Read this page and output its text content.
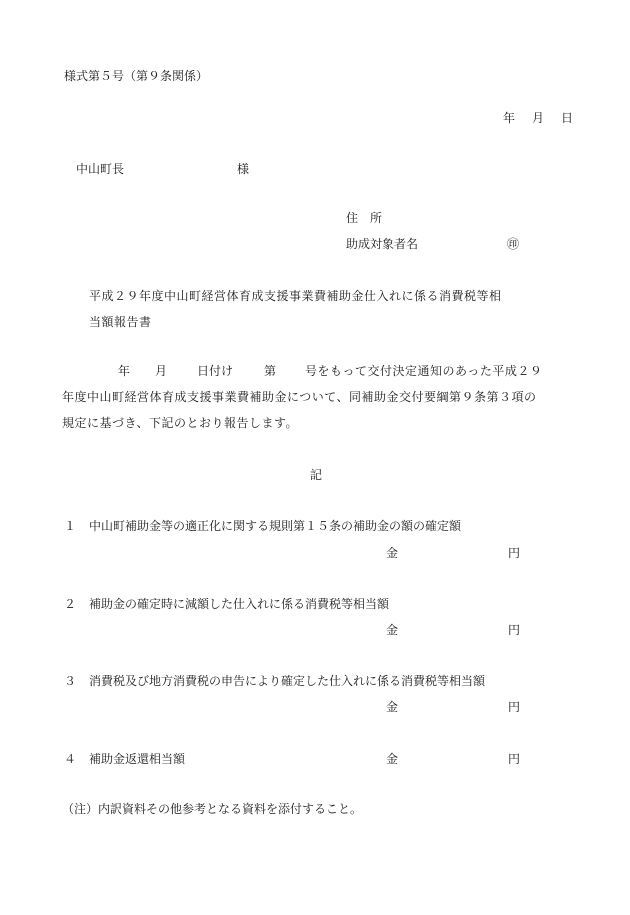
様式第５号（第９条関係）

年 月 日

中山町長	様

住　所

助成対象者名	㊞

平成２９年度中山町経営体育成支援事業費補助金仕入れに係る消費税等相

当額報告書

年 月 日付け	第 号をもって交付決定通知のあった平成２９

年度中山町経営体育成支援事業費補助金について、同補助金交付要綱第９条第３項の

規定に基づき、下記のとおり報告します。

記

１ 中山町補助金等の適正化に関する規則第１５条の補助金の額の確定額

金	円

２ 補助金の確定時に減額した仕入れに係る消費税等相当額

金	円

３ 消費税及び地方消費税の申告により確定した仕入れに係る消費税等相当額

金	円

４ 補助金返還相当額	金	円

（注）内訳資料その他参考となる資料を添付すること。
